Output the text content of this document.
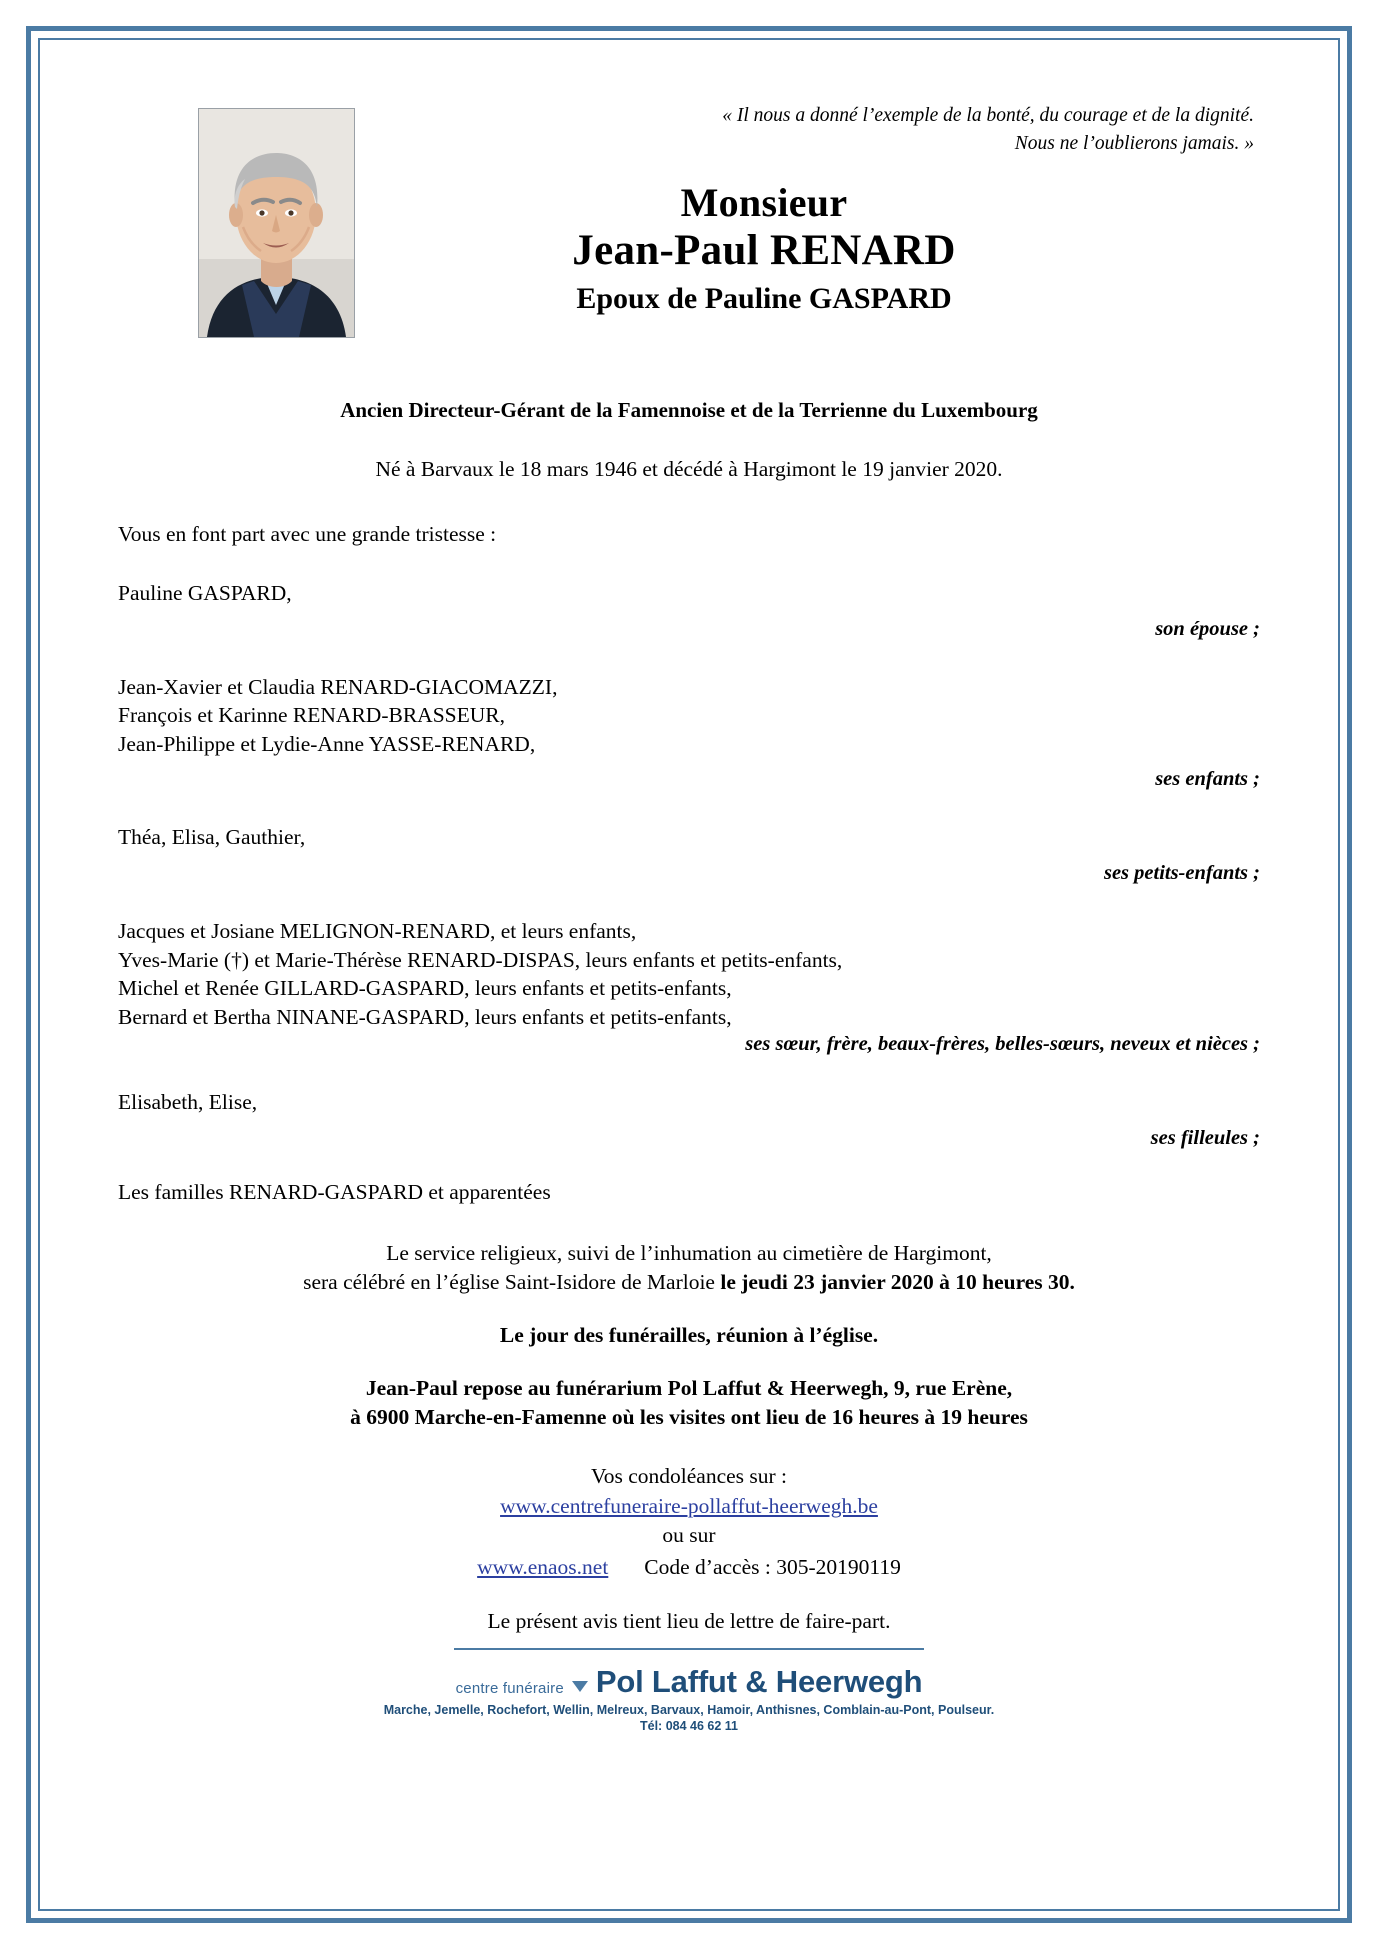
« Il nous a donné l’exemple de la bonté, du courage et de la dignité.
Nous ne l’oublierons jamais. »
Monsieur
Jean-Paul RENARD
Epoux de Pauline GASPARD
Ancien Directeur-Gérant de la Famennoise et de la Terrienne du Luxembourg
Né à Barvaux le 18 mars 1946 et décédé à Hargimont le 19 janvier 2020.
Vous en font part avec une grande tristesse :
Pauline GASPARD,
son épouse ;
Jean-Xavier et Claudia RENARD-GIACOMAZZI,
François et Karinne RENARD-BRASSEUR,
Jean-Philippe et Lydie-Anne YASSE-RENARD,
ses enfants ;
Théa, Elisa, Gauthier,
ses petits-enfants ;
Jacques et Josiane MELIGNON-RENARD, et leurs enfants,
Yves-Marie (†) et Marie-Thérèse RENARD-DISPAS, leurs enfants et petits-enfants,
Michel et Renée GILLARD-GASPARD, leurs enfants et petits-enfants,
Bernard et Bertha NINANE-GASPARD, leurs enfants et petits-enfants,
ses sœur, frère, beaux-frères, belles-sœurs, neveux et nièces ;
Elisabeth, Elise,
ses filleules ;
Les familles RENARD-GASPARD et apparentées
Le service religieux, suivi de l’inhumation au cimetière de Hargimont,
sera célébré en l’église Saint-Isidore de Marloie le jeudi 23 janvier 2020 à 10 heures 30.
Le jour des funérailles, réunion à l’église.
Jean-Paul repose au funérarium Pol Laffut & Heerwegh, 9, rue Erène,
à 6900 Marche-en-Famenne où les visites ont lieu de 16 heures à 19 heures
Vos condoléances sur :
www.centrefuneraire-pollaffut-heerwegh.be
ou sur
www.enaos.net Code d’accès : 305-20190119
Le présent avis tient lieu de lettre de faire-part.
centre funéraire Pol Laffut & Heerwegh
Marche, Jemelle, Rochefort, Wellin, Melreux, Barvaux, Hamoir, Anthisnes, Comblain-au-Pont, Poulseur.
Tél: 084 46 62 11
